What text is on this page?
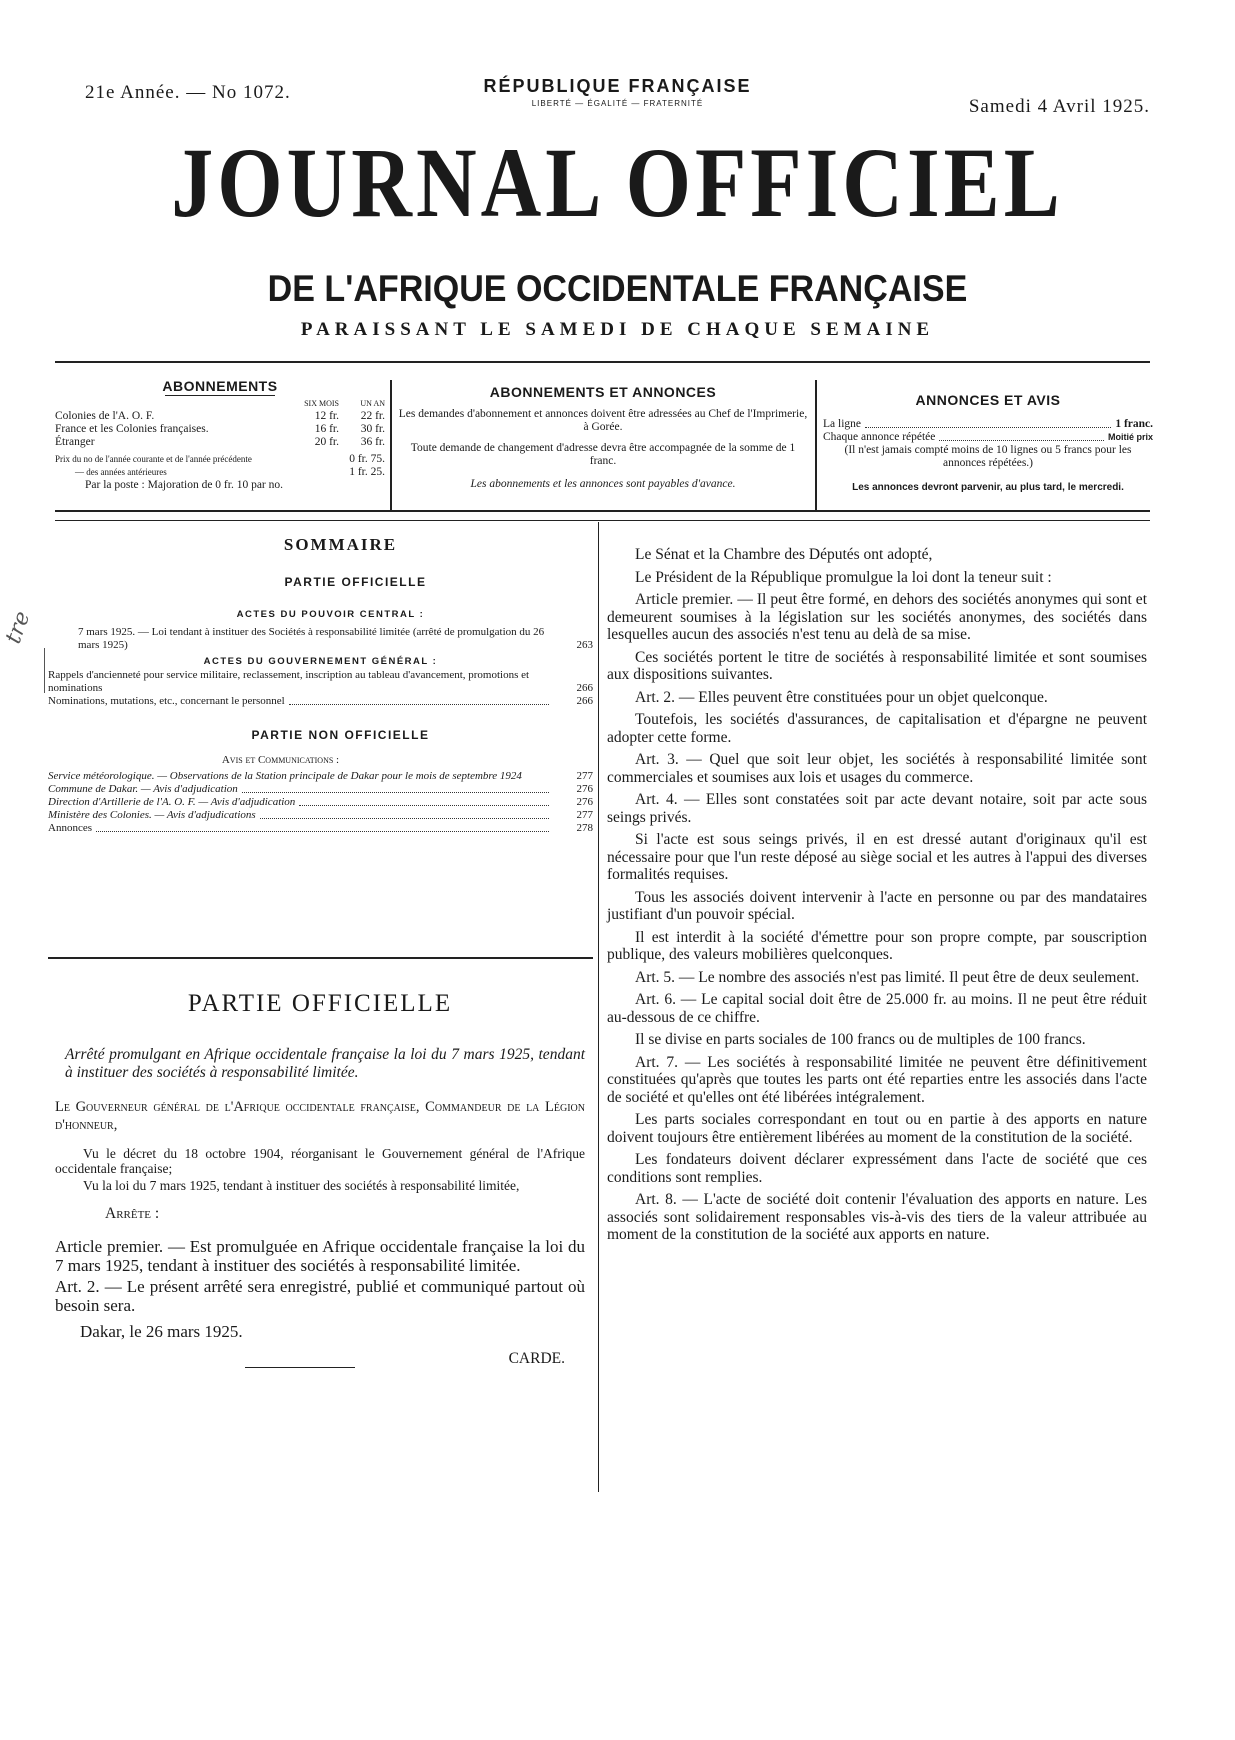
21e Année. — No 1072.	RÉPUBLIQUE FRANÇAISE
LIBERTÉ — ÉGALITÉ — FRATERNITÉ	Samedi 4 Avril 1925.
JOURNAL OFFICIEL
DE L'AFRIQUE OCCIDENTALE FRANÇAISE
PARAISSANT LE SAMEDI DE CHAQUE SEMAINE
ABONNEMENTS
SIX MOIS	UN AN
Colonies de l'A. O. F.	12 fr.	22 fr.
France et les Colonies françaises.	16 fr.	30 fr.
Étranger	20 fr.	36 fr.
Prix du no de l'année courante et de l'année précédente	0 fr. 75.
— des années antérieures	1 fr. 25.
Par la poste : Majoration de 0 fr. 10 par no.
ABONNEMENTS ET ANNONCES
Les demandes d'abonnement et annonces doivent être adressées au Chef de l'Imprimerie, à Gorée.
Toute demande de changement d'adresse devra être accompagnée de la somme de 1 franc.
Les abonnements et les annonces sont payables d'avance.
ANNONCES ET AVIS
La ligne	1 franc.
Chaque annonce répétée	Moitié prix
(Il n'est jamais compté moins de 10 lignes ou 5 francs pour les annonces répétées.)
Les annonces devront parvenir, au plus tard, le mercredi.
SOMMAIRE
PARTIE OFFICIELLE
ACTES DU POUVOIR CENTRAL :
7 mars 1925. — Loi tendant à instituer des Sociétés à responsabilité limitée (arrêté de promulgation du 26 mars 1925)	263
ACTES DU GOUVERNEMENT GÉNÉRAL :
Rappels d'ancienneté pour service militaire, reclassement, inscription au tableau d'avancement, promotions et nominations	266
Nominations, mutations, etc., concernant le personnel	266
PARTIE NON OFFICIELLE
Avis et Communications :
Service météorologique. — Observations de la Station principale de Dakar pour le mois de septembre 1924	277
Commune de Dakar. — Avis d'adjudication	276
Direction d'Artillerie de l'A. O. F. — Avis d'adjudication	276
Ministère des Colonies. — Avis d'adjudications	277
Annonces	278
tre
PARTIE OFFICIELLE
Arrêté promulgant en Afrique occidentale française la loi du 7 mars 1925, tendant à instituer des sociétés à responsabilité limitée.
Le Gouverneur général de l'Afrique occidentale française, Commandeur de la Légion d'honneur,
Vu le décret du 18 octobre 1904, réorganisant le Gouvernement général de l'Afrique occidentale française;
Vu la loi du 7 mars 1925, tendant à instituer des sociétés à responsabilité limitée,
Arrête :
Article premier. — Est promulguée en Afrique occidentale française la loi du 7 mars 1925, tendant à instituer des sociétés à responsabilité limitée.
Art. 2. — Le présent arrêté sera enregistré, publié et communiqué partout où besoin sera.
Dakar, le 26 mars 1925.
CARDE.

Le Sénat et la Chambre des Députés ont adopté,

Le Président de la République promulgue la loi dont la teneur suit :

Article premier. — Il peut être formé, en dehors des sociétés anonymes qui sont et demeurent soumises à la législation sur les sociétés anonymes, des sociétés dans lesquelles aucun des associés n'est tenu au delà de sa mise.

Ces sociétés portent le titre de sociétés à responsabilité limitée et sont soumises aux dispositions suivantes.

Art. 2. — Elles peuvent être constituées pour un objet quelconque.

Toutefois, les sociétés d'assurances, de capitalisation et d'épargne ne peuvent adopter cette forme.

Art. 3. — Quel que soit leur objet, les sociétés à responsabilité limitée sont commerciales et soumises aux lois et usages du commerce.

Art. 4. — Elles sont constatées soit par acte devant notaire, soit par acte sous seings privés.

Si l'acte est sous seings privés, il en est dressé autant d'originaux qu'il est nécessaire pour que l'un reste déposé au siège social et les autres à l'appui des diverses formalités requises.

Tous les associés doivent intervenir à l'acte en personne ou par des mandataires justifiant d'un pouvoir spécial.

Il est interdit à la société d'émettre pour son propre compte, par souscription publique, des valeurs mobilières quelconques.

Art. 5. — Le nombre des associés n'est pas limité. Il peut être de deux seulement.

Art. 6. — Le capital social doit être de 25.000 fr. au moins. Il ne peut être réduit au-dessous de ce chiffre.

Il se divise en parts sociales de 100 francs ou de multiples de 100 francs.

Art. 7. — Les sociétés à responsabilité limitée ne peuvent être définitivement constituées qu'après que toutes les parts ont été reparties entre les associés dans l'acte de société et qu'elles ont été libérées intégralement.

Les parts sociales correspondant en tout ou en partie à des apports en nature doivent toujours être entièrement libérées au moment de la constitution de la société.

Les fondateurs doivent déclarer expressément dans l'acte de société que ces conditions sont remplies.

Art. 8. — L'acte de société doit contenir l'évaluation des apports en nature. Les associés sont solidairement responsables vis-à-vis des tiers de la valeur attribuée au moment de la constitution de la société aux apports en nature.
